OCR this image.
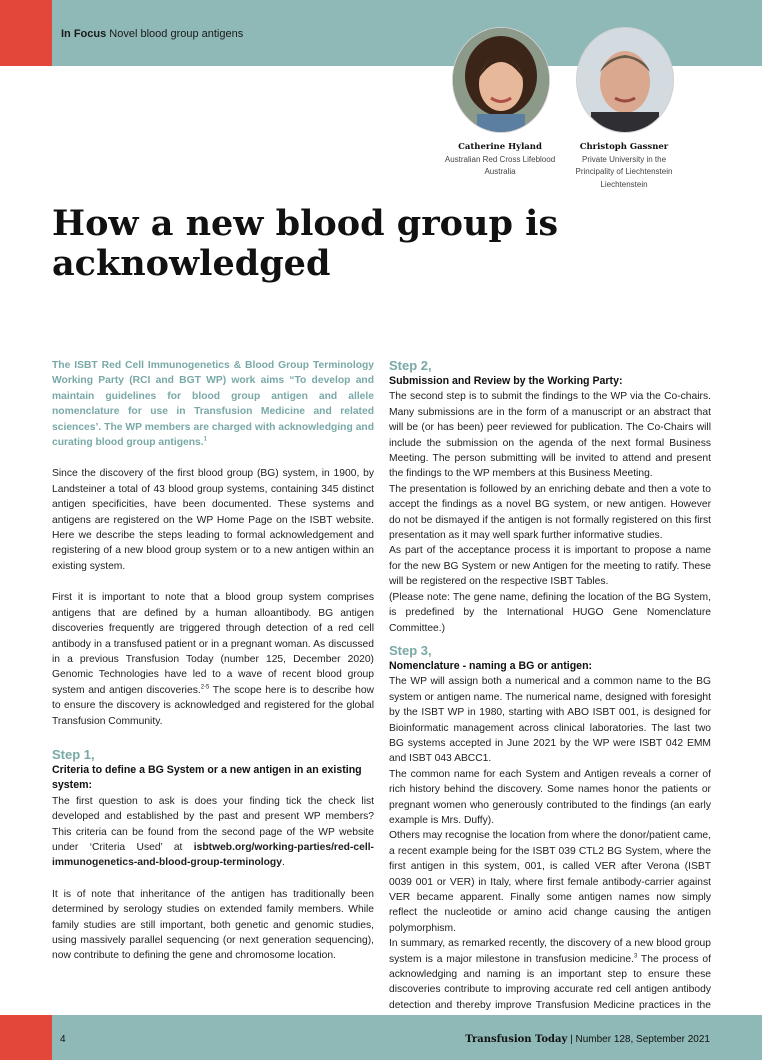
In Focus Novel blood group antigens
Catherine Hyland
Australian Red Cross Lifeblood Australia
Christoph Gassner
Private University in the Principality of Liechtenstein Liechtenstein
How a new blood group is acknowledged

The ISBT Red Cell Immunogenetics & Blood Group Terminology Working Party (RCI and BGT WP) work aims “To develop and maintain guidelines for blood group antigen and allele nomenclature for use in Transfusion Medicine and related sciences’. The WP members are charged with acknowledging and curating blood group antigens.$^1$

Since the discovery of the first blood group (BG) system, in 1900, by Landsteiner a total of 43 blood group systems, containing 345 distinct antigen specificities, have been documented. These systems and antigens are registered on the WP Home Page on the ISBT website. Here we describe the steps leading to formal acknowledgement and registering of a new blood group system or to a new antigen within an existing system.

First it is important to note that a blood group system comprises antigens that are defined by a human alloantibody. BG antigen discoveries frequently are triggered through detection of a red cell antibody in a transfused patient or in a pregnant woman. As discussed in a previous Transfusion Today (number 125, December 2020) Genomic Technologies have led to a wave of recent blood group system and antigen discoveries.$^{2-5}$ The scope here is to describe how to ensure the discovery is acknowledged and registered for the global Transfusion Community.

Step 1,
Criteria to define a BG System or a new antigen in an existing system:

The first question to ask is does your finding tick the check list developed and established by the past and present WP members? This criteria can be found from the second page of the WP website under ‘Criteria Used’ at isbtweb.org/working-parties/red-cell-immunogenetics-and-blood-group-terminology.

It is of note that inheritance of the antigen has traditionally been determined by serology studies on extended family members. While family studies are still important, both genetic and genomic studies, using massively parallel sequencing (or next generation sequencing), now contribute to defining the gene and chromosome location.

Step 2,
Submission and Review by the Working Party:

The second step is to submit the findings to the WP via the Co-chairs. Many submissions are in the form of a manuscript or an abstract that will be (or has been) peer reviewed for publication. The Co-Chairs will include the submission on the agenda of the next formal Business Meeting. The person submitting will be invited to attend and present the findings to the WP members at this Business Meeting.

The presentation is followed by an enriching debate and then a vote to accept the findings as a novel BG system, or new antigen. However do not be dismayed if the antigen is not formally registered on this first presentation as it may well spark further informative studies.

As part of the acceptance process it is important to propose a name for the new BG System or new Antigen for the meeting to ratify. These will be registered on the respective ISBT Tables.

(Please note: The gene name, defining the location of the BG System, is predefined by the International HUGO Gene Nomenclature Committee.)

Step 3,
Nomenclature - naming a BG or antigen:

The WP will assign both a numerical and a common name to the BG system or antigen name. The numerical name, designed with foresight by the ISBT WP in 1980, starting with ABO ISBT 001, is designed for Bioinformatic management across clinical laboratories. The last two BG systems accepted in June 2021 by the WP were ISBT 042 EMM and ISBT 043 ABCC1.

The common name for each System and Antigen reveals a corner of rich history behind the discovery. Some names honor the patients or pregnant women who generously contributed to the findings (an early example is Mrs. Duffy).

Others may recognise the location from where the donor/patient came, a recent example being for the ISBT 039 CTL2 BG System, where the first antigen in this system, 001, is called VER after Verona (ISBT 0039 001 or VER) in Italy, where first female antibody-carrier against VER became apparent. Finally some antigen names now simply reflect the nucleotide or amino acid change causing the antigen polymorphism.

In summary, as remarked recently, the discovery of a new blood group system is a major milestone in transfusion medicine.$^3$ The process of acknowledging and naming is an important step to ensure these discoveries contribute to improving accurate red cell antigen antibody detection and thereby improve Transfusion Medicine practices in the

4	Transfusion Today | Number 128, September 2021
